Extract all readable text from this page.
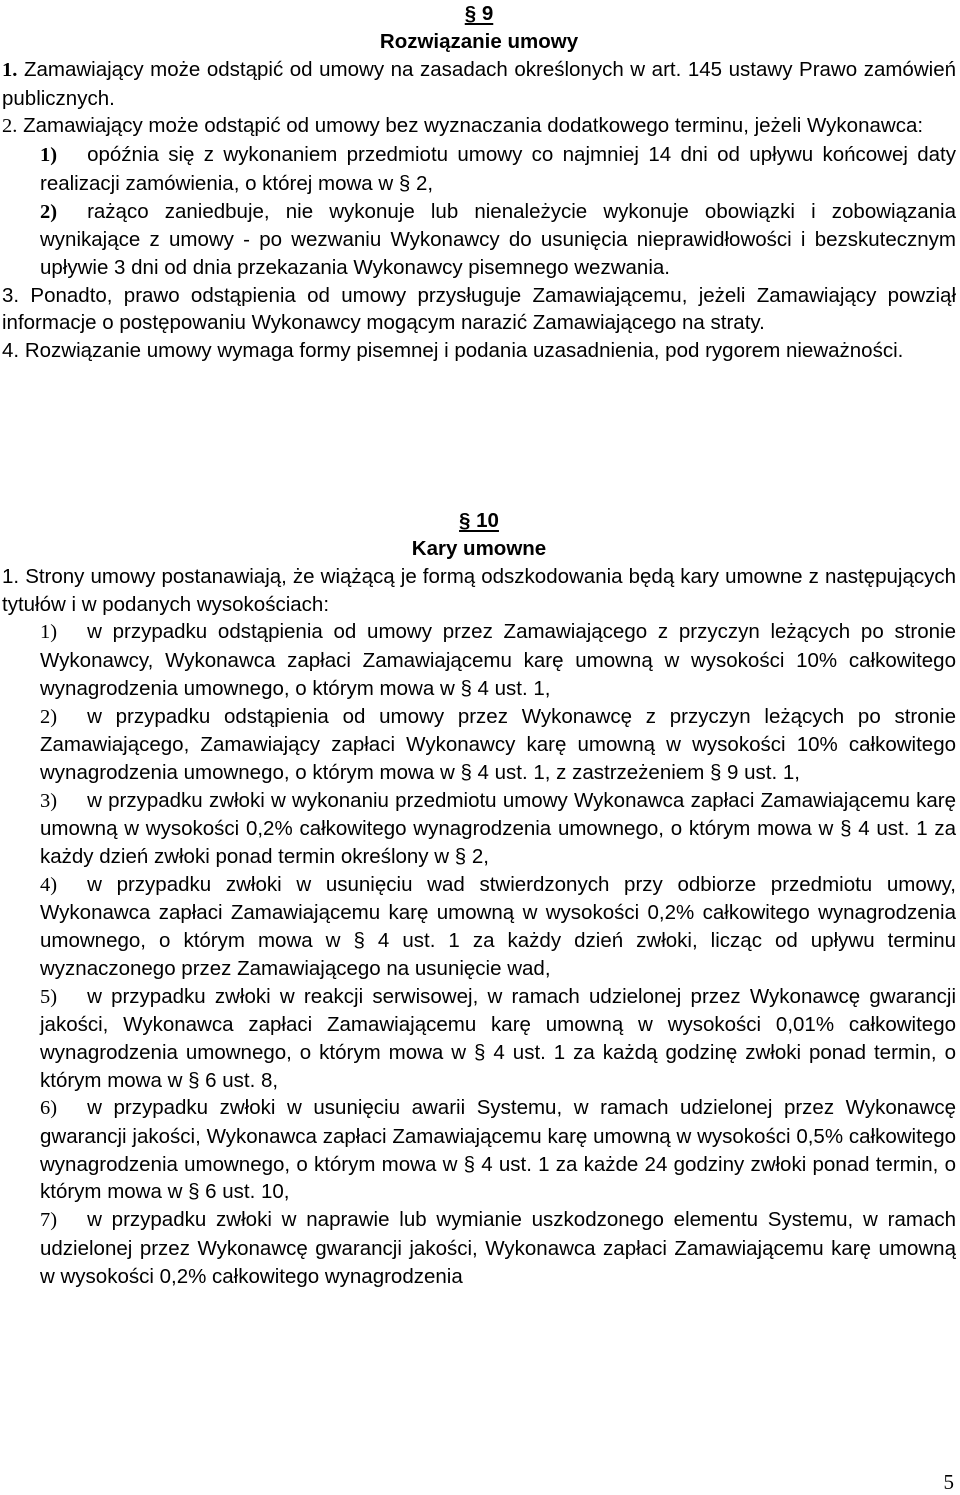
§ 9
Rozwiązanie umowy

1. Zamawiający może odstąpić od umowy na zasadach określonych w art. 145 ustawy Prawo zamówień publicznych.

2. Zamawiający może odstąpić od umowy bez wyznaczania dodatkowego terminu, jeżeli Wykonawca:

1) opóźnia się z wykonaniem przedmiotu umowy co najmniej 14 dni od upływu końcowej daty realizacji zamówienia, o której mowa w § 2,

2) rażąco zaniedbuje, nie wykonuje lub nienależycie wykonuje obowiązki i zobowiązania wynikające z umowy - po wezwaniu Wykonawcy do usunięcia nieprawidłowości i bezskutecznym upływie 3 dni od dnia przekazania Wykonawcy pisemnego wezwania.

3. Ponadto, prawo odstąpienia od umowy przysługuje Zamawiającemu, jeżeli Zamawiający powziął informacje o postępowaniu Wykonawcy mogącym narazić Zamawiającego na straty.

4. Rozwiązanie umowy wymaga formy pisemnej i podania uzasadnienia, pod rygorem nieważności.

§ 10
Kary umowne

1. Strony umowy postanawiają, że wiążącą je formą odszkodowania będą kary umowne z następujących tytułów i w podanych wysokościach:

1) w przypadku odstąpienia od umowy przez Zamawiającego z przyczyn leżących po stronie Wykonawcy, Wykonawca zapłaci Zamawiającemu karę umowną w wysokości 10% całkowitego wynagrodzenia umownego, o którym mowa w § 4 ust. 1,

2) w przypadku odstąpienia od umowy przez Wykonawcę z przyczyn leżących po stronie Zamawiającego, Zamawiający zapłaci Wykonawcy karę umowną w wysokości 10% całkowitego wynagrodzenia umownego, o którym mowa w § 4 ust. 1, z zastrzeżeniem § 9 ust. 1,

3) w przypadku zwłoki w wykonaniu przedmiotu umowy Wykonawca zapłaci Zamawiającemu karę umowną w wysokości 0,2% całkowitego wynagrodzenia umownego, o którym mowa w § 4 ust. 1 za każdy dzień zwłoki ponad termin określony w § 2,

4) w przypadku zwłoki w usunięciu wad stwierdzonych przy odbiorze przedmiotu umowy, Wykonawca zapłaci Zamawiającemu karę umowną w wysokości 0,2% całkowitego wynagrodzenia umownego, o którym mowa w § 4 ust. 1 za każdy dzień zwłoki, licząc od upływu terminu wyznaczonego przez Zamawiającego na usunięcie wad,

5) w przypadku zwłoki w reakcji serwisowej, w ramach udzielonej przez Wykonawcę gwarancji jakości, Wykonawca zapłaci Zamawiającemu karę umowną w wysokości 0,01% całkowitego wynagrodzenia umownego, o którym mowa w § 4 ust. 1 za każdą godzinę zwłoki ponad termin, o którym mowa w § 6 ust. 8,

6) w przypadku zwłoki w usunięciu awarii Systemu, w ramach udzielonej przez Wykonawcę gwarancji jakości, Wykonawca zapłaci Zamawiającemu karę umowną w wysokości 0,5% całkowitego wynagrodzenia umownego, o którym mowa w § 4 ust. 1 za każde 24 godziny zwłoki ponad termin, o którym mowa w § 6 ust. 10,

7) w przypadku zwłoki w naprawie lub wymianie uszkodzonego elementu Systemu, w ramach udzielonej przez Wykonawcę gwarancji jakości, Wykonawca zapłaci Zamawiającemu karę umowną w wysokości 0,2% całkowitego wynagrodzenia

5
